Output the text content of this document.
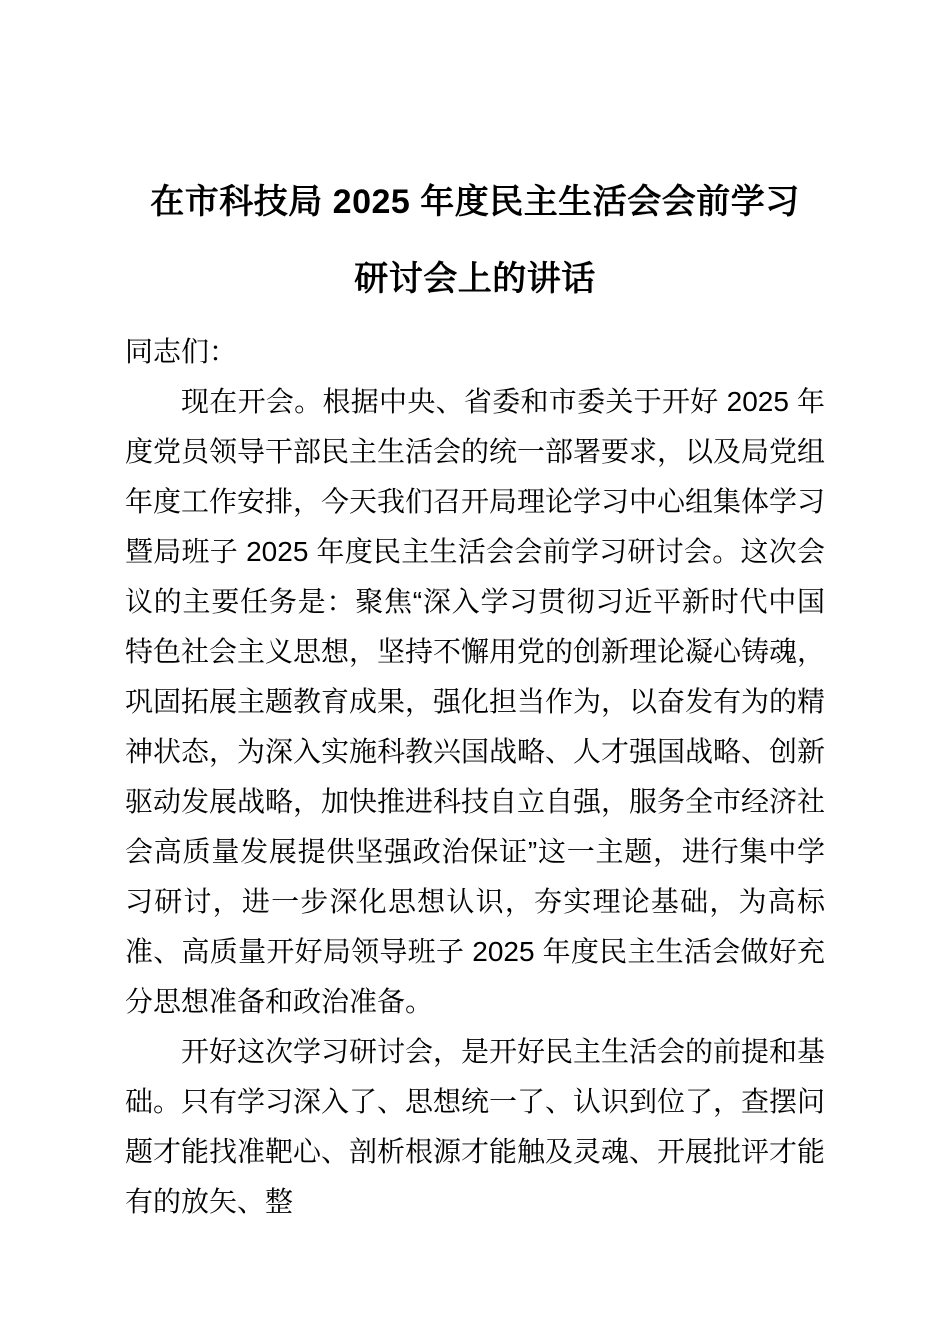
在市科技局 2025 年度民主生活会会前学习
研讨会上的讲话

同志们：

现在开会。根据中央、省委和市委关于开好 2025 年度党员领导干部民主生活会的统一部署要求，以及局党组年度工作安排，今天我们召开局理论学习中心组集体学习暨局班子 2025 年度民主生活会会前学习研讨会。这次会议的主要任务是：聚焦“深入学习贯彻习近平新时代中国特色社会主义思想，坚持不懈用党的创新理论凝心铸魂，巩固拓展主题教育成果，强化担当作为，以奋发有为的精神状态，为深入实施科教兴国战略、人才强国战略、创新驱动发展战略，加快推进科技自立自强，服务全市经济社会高质量发展提供坚强政治保证”这一主题，进行集中学习研讨，进一步深化思想认识，夯实理论基础，为高标准、高质量开好局领导班子 2025 年度民主生活会做好充分思想准备和政治准备。

开好这次学习研讨会，是开好民主生活会的前提和基础。只有学习深入了、思想统一了、认识到位了，查摆问题才能找准靶心、剖析根源才能触及灵魂、开展批评才能有的放矢、整
